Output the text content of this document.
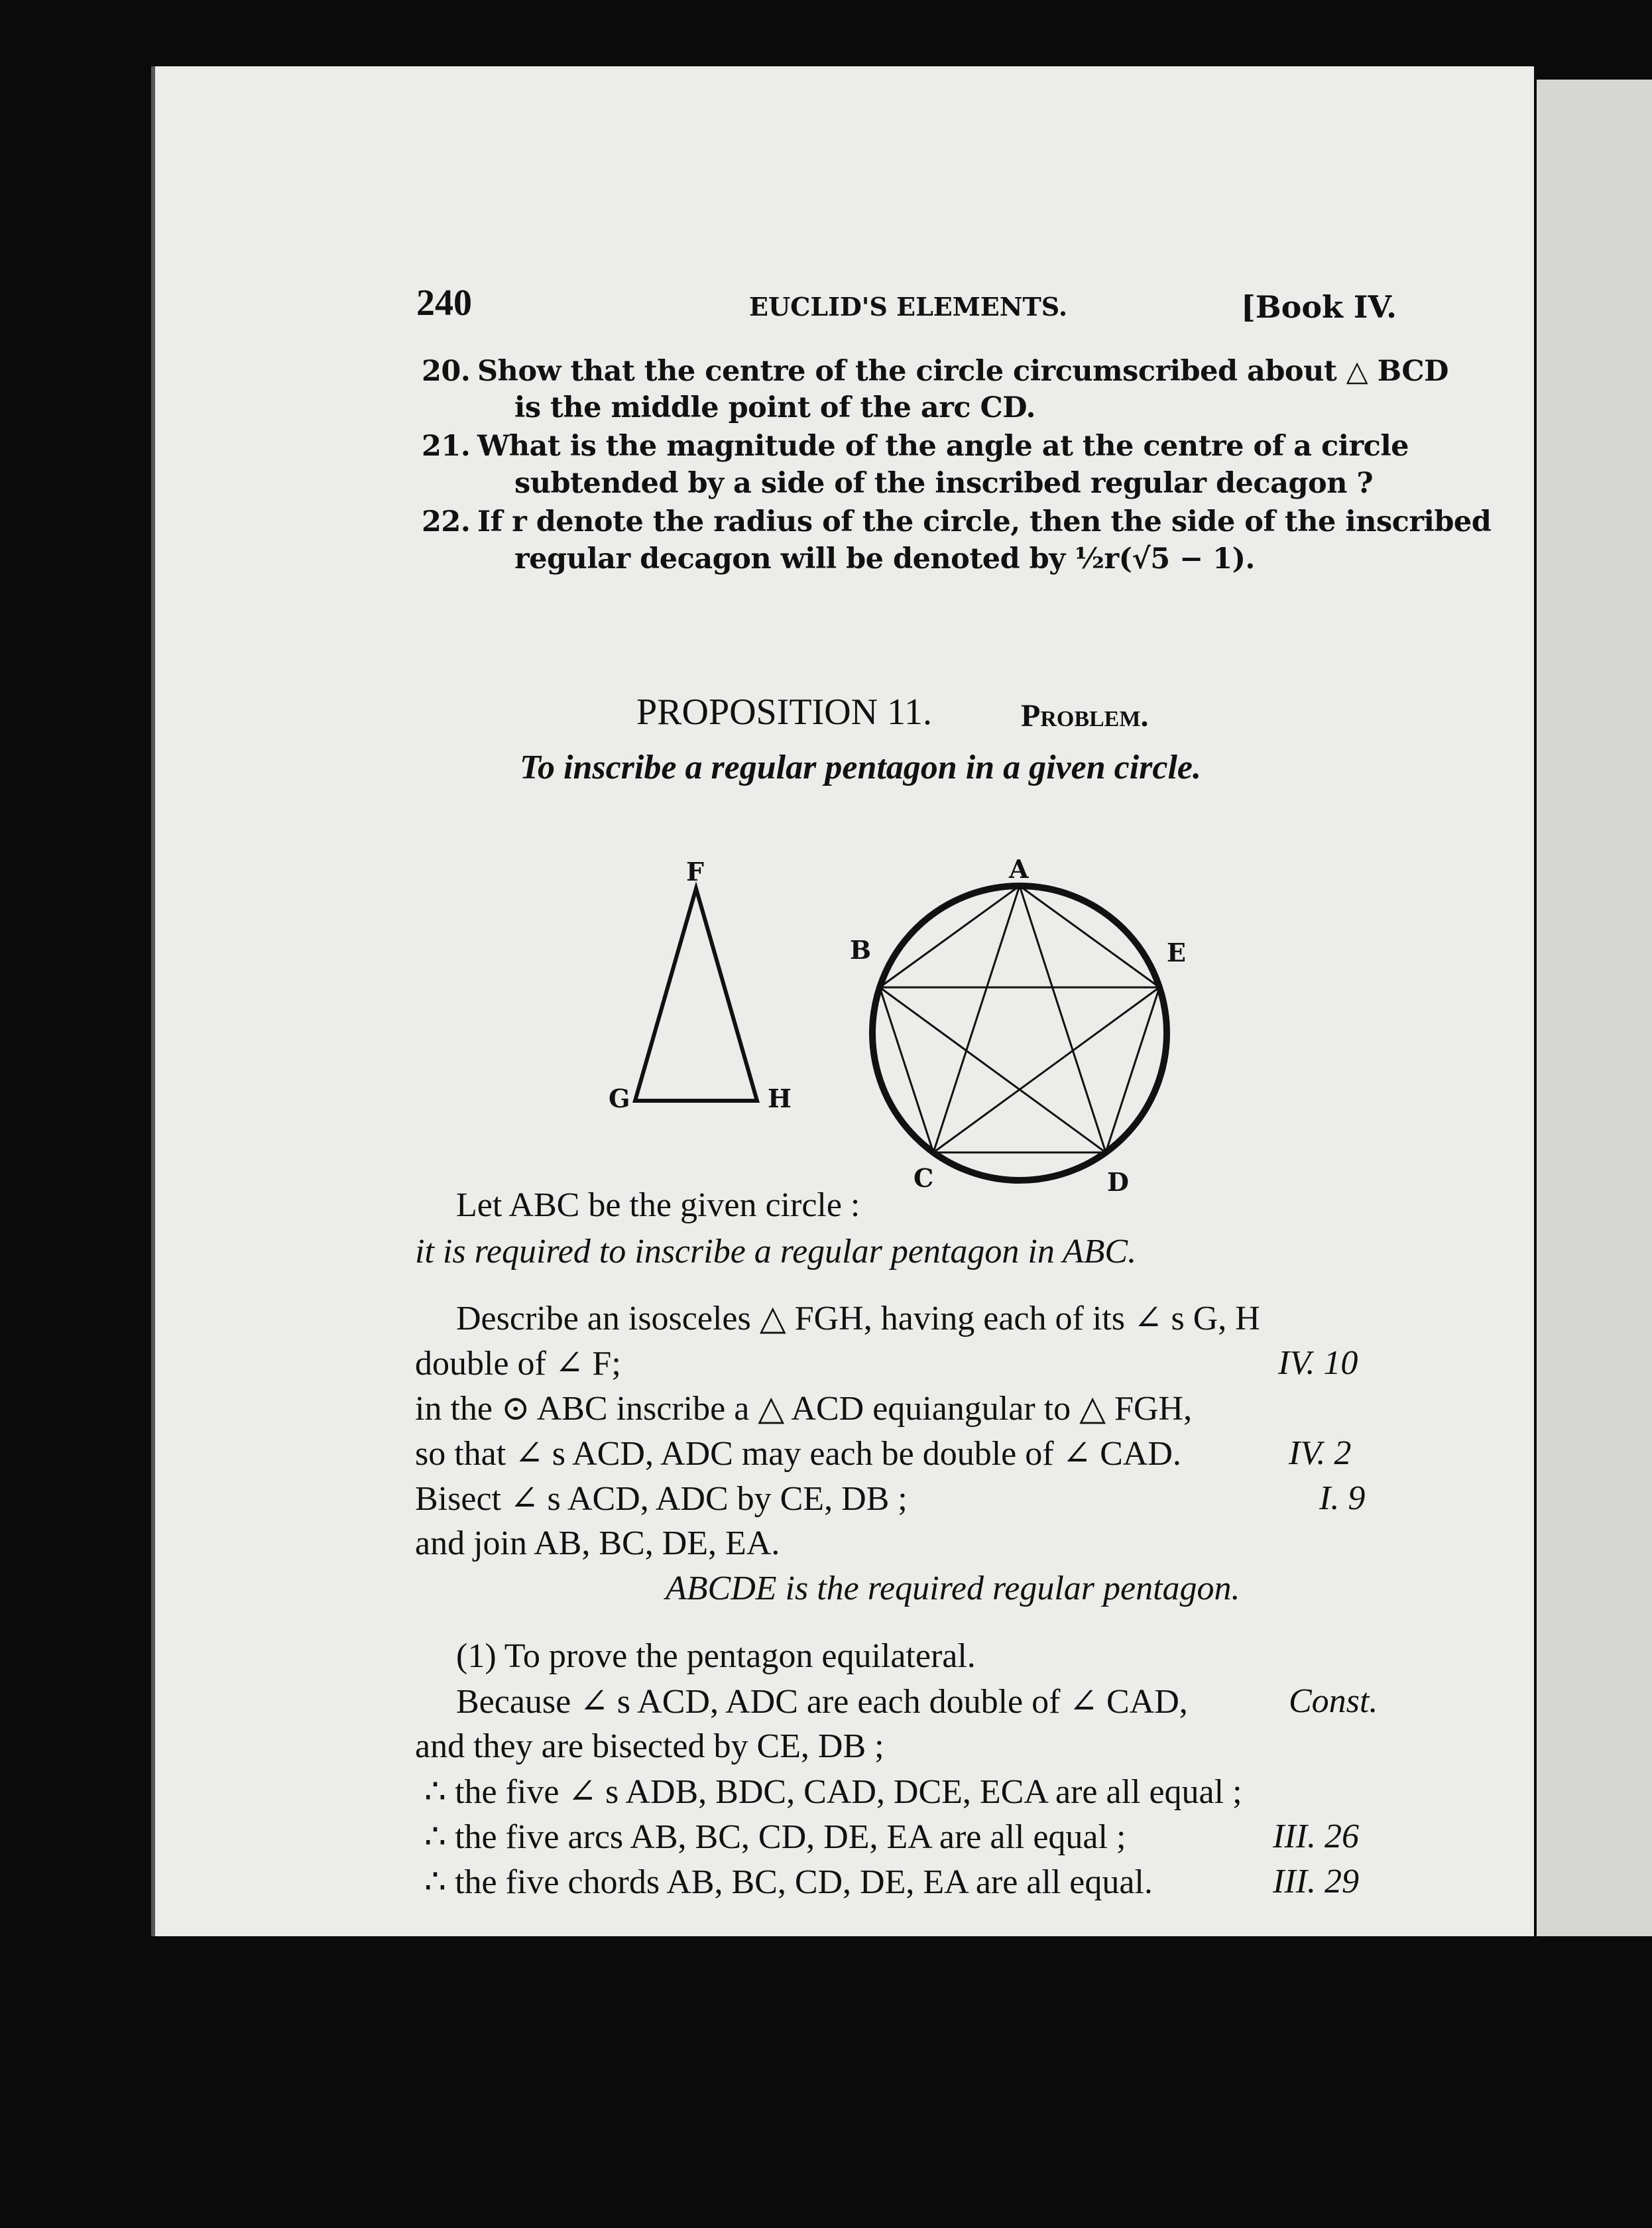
240	EUCLID'S ELEMENTS.	[Book IV.
20. Show that the centre of the circle circumscribed about △ BCD
is the middle point of the arc CD.
21. What is the magnitude of the angle at the centre of a circle
subtended by a side of the inscribed regular decagon ?
22. If r denote the radius of the circle, then the side of the inscribed
regular decagon will be denoted by ½r(√5 − 1).
PROPOSITION 11.	Problem.
To inscribe a regular pentagon in a given circle.
F
G	H
A
B
C	D
E
Let ABC be the given circle :
it is required to inscribe a regular pentagon in ABC.
Describe an isosceles △ FGH, having each of its ∠ s G, H
double of ∠ F;	IV. 10
in the ⊙ ABC inscribe a △ ACD equiangular to △ FGH,
so that ∠ s ACD, ADC may each be double of ∠ CAD.	IV. 2
Bisect ∠ s ACD, ADC by CE, DB ;	I. 9
and join AB, BC, DE, EA.
ABCDE is the required regular pentagon.
(1) To prove the pentagon equilateral.
Because ∠ s ACD, ADC are each double of ∠ CAD,	Const.
and they are bisected by CE, DB ;
∴ the five ∠ s ADB, BDC, CAD, DCE, ECA are all equal ;
∴ the five arcs AB, BC, CD, DE, EA are all equal ;	III. 26
∴ the five chords AB, BC, CD, DE, EA are all equal.	III. 29
